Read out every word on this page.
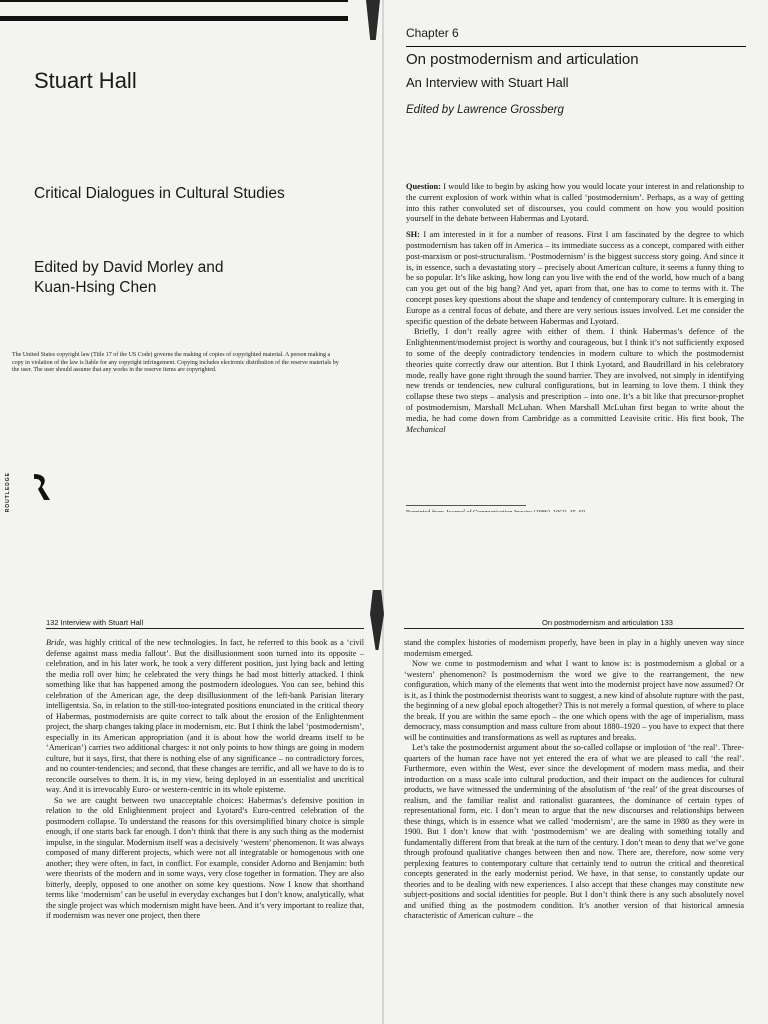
Stuart Hall
Critical Dialogues in Cultural Studies
Edited by David Morley and
Kuan-Hsing Chen
The United States copyright law (Title 17 of the US Code) governs the making of copies of copyrighted material. A person making a copy in violation of the law is liable for any copyright infringement. Copying includes electronic distribution of the reserve materials by the user. The user should assume that any works in the reserve items are copyrighted.
ROUTLEDGE
Chapter 6
On postmodernism and articulation
An Interview with Stuart Hall
Edited by Lawrence Grossberg

Question: I would like to begin by asking how you would locate your interest in and relationship to the current explosion of work within what is called ‘postmodernism’. Perhaps, as a way of getting into this rather convoluted set of discourses, you could comment on how you would position yourself in the debate between Habermas and Lyotard.

SH: I am interested in it for a number of reasons. First I am fascinated by the degree to which postmodernism has taken off in America – its immediate success as a concept, compared with either post-marxism or post-structuralism. ‘Postmodernism’ is the biggest success story going. And since it is, in essence, such a devastating story – precisely about American culture, it seems a funny thing to be so popular. It’s like asking, how long can you live with the end of the world, how much of a bang can you get out of the big bang? And yet, apart from that, one has to come to terms with it. The concept poses key questions about the shape and tendency of contemporary culture. It is emerging in Europe as a central focus of debate, and there are very serious issues involved. Let me consider the specific question of the debate between Habermas and Lyotard.

Briefly, I don’t really agree with either of them. I think Habermas’s defence of the Enlightenment/modernist project is worthy and courageous, but I think it’s not sufficiently exposed to some of the deeply contradictory tendencies in modern culture to which the postmodernist theories quite correctly draw our attention. But I think Lyotard, and Baudrillard in his celebratory mode, really have gone right through the sound barrier. They are involved, not simply in identifying new trends or tendencies, new cultural configurations, but in learning to love them. I think they collapse these two steps – analysis and prescription – into one. It’s a bit like that precursor-prophet of postmodernism, Marshall McLuhan. When Marshall McLuhan first began to write about the media, he had come down from Cambridge as a committed Leavisite critic. His first book, The Mechanical

132 Interview with Stuart Hall

Bride, was highly critical of the new technologies. In fact, he referred to this book as a ‘civil defense against mass media fallout’. But the disillusionment soon turned into its opposite – celebration, and in his later work, he took a very different position, just lying back and letting the media roll over him; he celebrated the very things he had most bitterly attacked. I think something like that has happened among the postmodern ideologues. You can see, behind this celebration of the American age, the deep disillusionment of the left-bank Parisian literary intelligentsia. So, in relation to the still-too-integrated positions enunciated in the critical theory of Habermas, postmodernists are quite correct to talk about the erosion of the Enlightenment project, the sharp changes taking place in modernism, etc. But I think the label ‘postmodernism’, especially in its American appropriation (and it is about how the world dreams itself to be ‘American’) carries two additional charges: it not only points to how things are going in modern culture, but it says, first, that there is nothing else of any significance – no contradictory forces, and no counter-tendencies; and second, that these changes are terrific, and all we have to do is to reconcile ourselves to them. It is, in my view, being deployed in an essentialist and uncritical way. And it is irrevocably Euro- or western-centric in its whole episteme.

So we are caught between two unacceptable choices: Habermas’s defensive position in relation to the old Enlightenment project and Lyotard’s Euro-centred celebration of the postmodern collapse. To understand the reasons for this oversimplified binary choice is simple enough, if one starts back far enough. I don’t think that there is any such thing as the modernist impulse, in the singular. Modernism itself was a decisively ‘western’ phenomenon. It was always composed of many different projects, which were not all integratable or homogenous with one another; they were often, in fact, in conflict. For example, consider Adorno and Benjamin: both were theorists of the modern and in some ways, very close together in formation. They are also bitterly, deeply, opposed to one another on some key questions. Now I know that shorthand terms like ‘modernism’ can be useful in everyday exchanges but I don’t know, analytically, what the single project was which modernism might have been. And it’s very important to realize that, if modernism was never one project, then there

On postmodernism and articulation 133

stand the complex histories of modernism properly, have been in play in a highly uneven way since modernism emerged.

Now we come to postmodernism and what I want to know is: is postmodernism a global or a ‘western’ phenomenon? Is postmodernism the word we give to the rearrangement, the new configuration, which many of the elements that went into the modernist project have now assumed? Or is it, as I think the postmodernist theorists want to suggest, a new kind of absolute rupture with the past, the beginning of a new global epoch altogether? This is not merely a formal question, of where to place the break. If you are within the same epoch – the one which opens with the age of imperialism, mass democracy, mass consumption and mass culture from about 1880–1920 – you have to expect that there will be continuities and transformations as well as ruptures and breaks.

Let’s take the postmodernist argument about the so-called collapse or implosion of ‘the real’. Three-quarters of the human race have not yet entered the era of what we are pleased to call ‘the real’. Furthermore, even within the West, ever since the development of modern mass media, and their introduction on a mass scale into cultural production, and their impact on the audiences for cultural products, we have witnessed the undermining of the absolutism of ‘the real’ of the great discourses of realism, and the familiar realist and rationalist guarantees, the dominance of certain types of representational form, etc. I don’t mean to argue that the new discourses and relationships between these things, which is in essence what we called ‘modernism’, are the same in 1980 as they were in 1900. But I don’t know that with ‘postmodernism’ we are dealing with something totally and fundamentally different from that break at the turn of the century. I don’t mean to deny that we’ve gone through profound qualitative changes between then and now. There are, therefore, now some very perplexing features to contemporary culture that certainly tend to outrun the critical and theoretical concepts generated in the early modernist period. We have, in that sense, to constantly update our theories and to be dealing with new experiences. I also accept that these changes may constitute new subject-positions and social identities for people. But I don’t think there is any such absolutely novel and unified thing as the postmodern condition. It’s another version of that historical amnesia characteristic of American culture – the
